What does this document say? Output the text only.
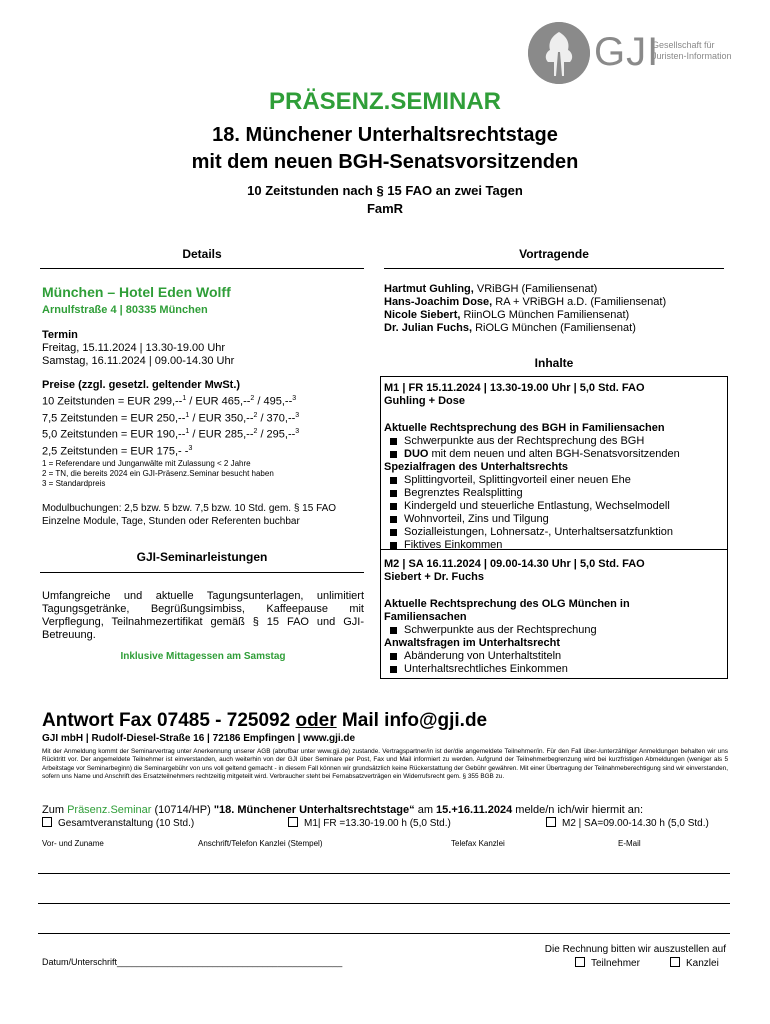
GJI
Gesellschaft für
Juristen-Information
PRÄSENZ.SEMINAR
18. Münchener Unterhaltsrechtstage
mit dem neuen BGH-Senatsvorsitzenden
10 Zeitstunden nach § 15 FAO an zwei Tagen
FamR
Details
München – Hotel Eden Wolff
Arnulfstraße 4 | 80335 München
Termin
Freitag, 15.11.2024 | 13.30-19.00 Uhr
Samstag, 16.11.2024 | 09.00-14.30 Uhr
Preise (zzgl. gesetzl. geltender MwSt.)
10 Zeitstunden = EUR 299,--$^1$ / EUR 465,--$^2$ / 495,--$^3$
7,5 Zeitstunden = EUR 250,--$^1$ / EUR 350,--$^2$ / 370,--$^3$
5,0 Zeitstunden = EUR 190,--$^1$ / EUR 285,--$^2$ / 295,--$^3$
2,5 Zeitstunden = EUR 175,- -$^3$
1 = Referendare und Junganwälte mit Zulassung < 2 Jahre
2 = TN, die bereits 2024 ein GJI-Präsenz.Seminar besucht haben
3 = Standardpreis
Modulbuchungen: 2,5 bzw. 5 bzw. 7,5 bzw. 10 Std. gem. § 15 FAO
Einzelne Module, Tage, Stunden oder Referenten buchbar
GJI-Seminarleistungen
Umfangreiche und aktuelle Tagungsunterlagen, unlimitiert Tagungsgetränke, Begrüßungsimbiss, Kaffeepause mit Verpflegung, Teilnahmezertifikat gemäß § 15 FAO und GJI-Betreuung.
Inklusive Mittagessen am Samstag
Vortragende
Hartmut Guhling, VRiBGH (Familiensenat)
Hans-Joachim Dose, RA + VRiBGH a.D. (Familiensenat)
Nicole Siebert, RiinOLG München Familiensenat)
Dr. Julian Fuchs, RiOLG München (Familiensenat)
Inhalte
M1 | FR 15.11.2024 | 13.30-19.00 Uhr | 5,0 Std. FAO
Guhling + Dose
Aktuelle Rechtsprechung des BGH in Familiensachen
Schwerpunkte aus der Rechtsprechung des BGH
DUO mit dem neuen und alten BGH-Senatsvorsitzenden
Spezialfragen des Unterhaltsrechts
Splittingvorteil, Splittingvorteil einer neuen Ehe
Begrenztes Realsplitting
Kindergeld und steuerliche Entlastung, Wechselmodell
Wohnvorteil, Zins und Tilgung
Sozialleistungen, Lohnersatz-, Unterhaltsersatzfunktion
Fiktives Einkommen
M2 | SA 16.11.2024 | 09.00-14.30 Uhr | 5,0 Std. FAO
Siebert + Dr. Fuchs
Aktuelle Rechtsprechung des OLG München in
Familiensachen
Schwerpunkte aus der Rechtsprechung
Anwaltsfragen im Unterhaltsrecht
Abänderung von Unterhaltstiteln
Unterhaltsrechtliches Einkommen
Antwort Fax 07485 - 725092 oder Mail info@gji.de
GJI mbH | Rudolf-Diesel-Straße 16 | 72186 Empfingen | www.gji.de
Mit der Anmeldung kommt der Seminarvertrag unter Anerkennung unserer AGB (abrufbar unter www.gji.de) zustande. Vertragspartner/in ist der/die angemeldete Teilnehmer/in. Für den Fall über-/unterzähliger Anmeldungen behalten wir uns Rücktritt vor. Der angemeldete Teilnehmer ist einverstanden, auch weiterhin von der GJI über Seminare per Post, Fax und Mail informiert zu werden. Aufgrund der Teilnehmerbegrenzung wird bei kurzfristigen Abmeldungen (weniger als 5 Arbeitstage vor Seminarbeginn) die Seminargebühr von uns voll geltend gemacht - in diesem Fall können wir grundsätzlich keine Rückerstattung der Gebühr gewähren. Mit einer Übertragung der Teilnahmeberechtigung sind wir einverstanden, sofern uns Name und Anschrift des Ersatzteilnehmers rechtzeitig mitgeteilt wird. Verbraucher steht bei Fernabsatzverträgen ein Widerrufsrecht gem. § 355 BGB zu.
Zum Präsenz.Seminar (10714/HP) "18. Münchener Unterhaltsrechtstage“ am 15.+16.11.2024 melde/n ich/wir hiermit an:
Gesamtveranstaltung (10 Std.)	M1| FR =13.30-19.00 h (5,0 Std.)	M2 | SA=09.00-14.30 h (5,0 Std.)
Vor- und Zuname	Anschrift/Telefon Kanzlei (Stempel)	Telefax Kanzlei	E-Mail
Datum/Unterschrift_____________________________________________
Die Rechnung bitten wir auszustellen auf
Teilnehmer	Kanzlei
